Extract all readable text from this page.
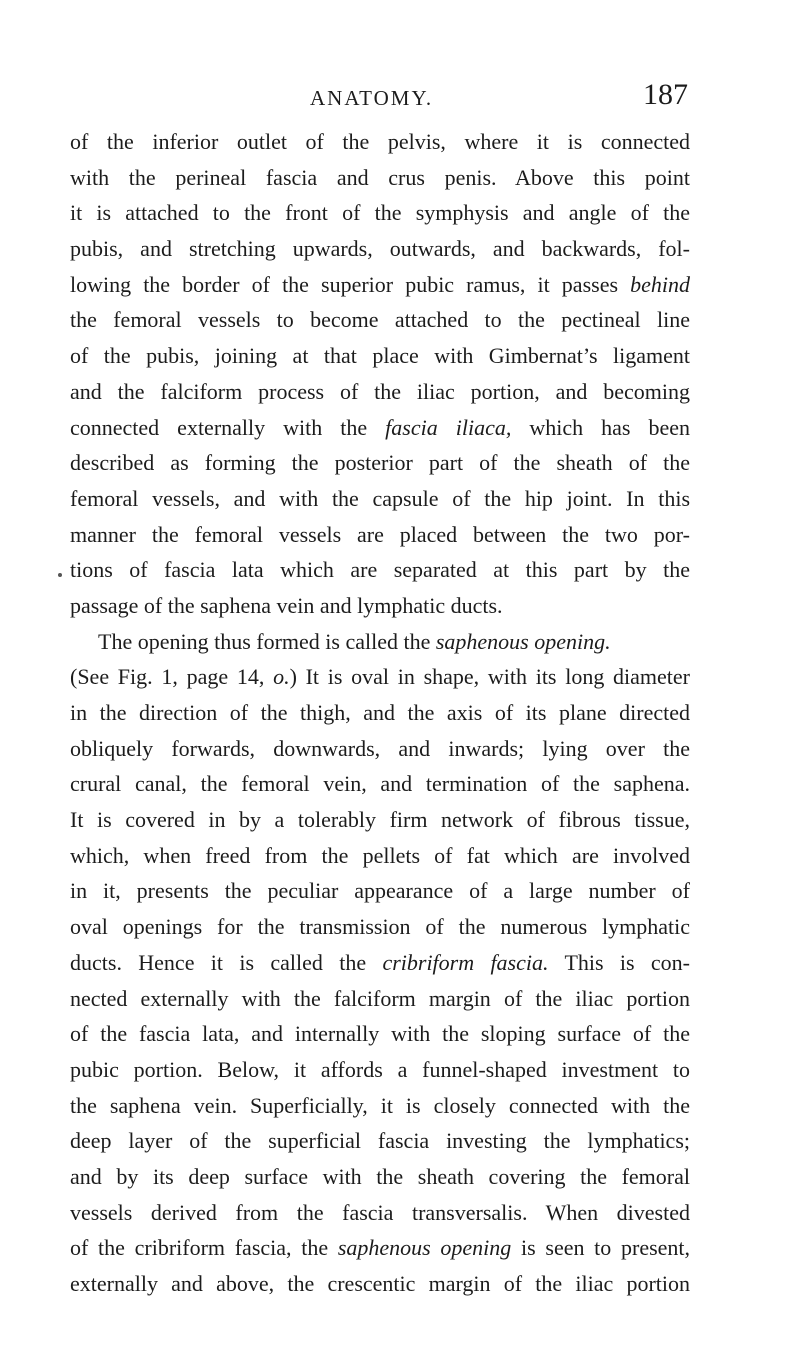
ANATOMY.	187
of the inferior outlet of the pelvis, where it is connected
with the perineal fascia and crus penis. Above this point
it is attached to the front of the symphysis and angle of the
pubis, and stretching upwards, outwards, and backwards, fol-
lowing the border of the superior pubic ramus, it passes behind
the femoral vessels to become attached to the pectineal line
of the pubis, joining at that place with Gimbernat’s ligament
and the falciform process of the iliac portion, and becoming
connected externally with the fascia iliaca, which has been
described as forming the posterior part of the sheath of the
femoral vessels, and with the capsule of the hip joint. In this
manner the femoral vessels are placed between the two por-
tions of fascia lata which are separated at this part by the
passage of the saphena vein and lymphatic ducts.
The opening thus formed is called the saphenous opening.
(See Fig. 1, page 14, o.) It is oval in shape, with its long diameter
in the direction of the thigh, and the axis of its plane directed
obliquely forwards, downwards, and inwards; lying over the
crural canal, the femoral vein, and termination of the saphena.
It is covered in by a tolerably firm network of fibrous tissue,
which, when freed from the pellets of fat which are involved
in it, presents the peculiar appearance of a large number of
oval openings for the transmission of the numerous lymphatic
ducts. Hence it is called the cribriform fascia. This is con-
nected externally with the falciform margin of the iliac portion
of the fascia lata, and internally with the sloping surface of the
pubic portion. Below, it affords a funnel-shaped investment to
the saphena vein. Superficially, it is closely connected with the
deep layer of the superficial fascia investing the lymphatics;
and by its deep surface with the sheath covering the femoral
vessels derived from the fascia transversalis. When divested
of the cribriform fascia, the saphenous opening is seen to present,
externally and above, the crescentic margin of the iliac portion
